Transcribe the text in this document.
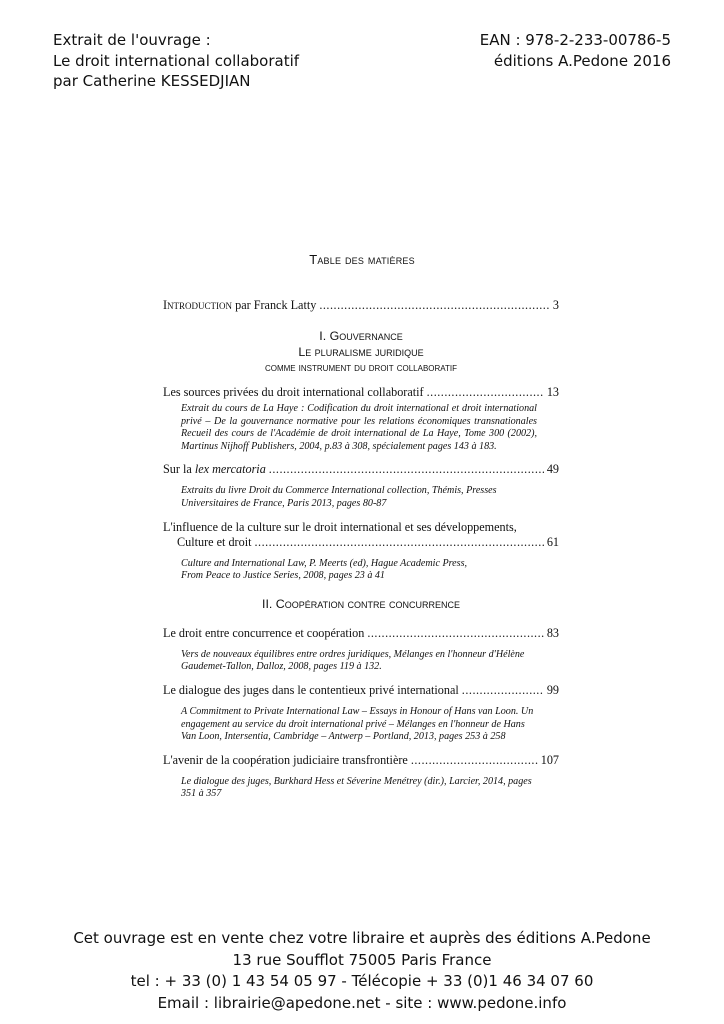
Extrait de l'ouvrage :
Le droit international collaboratif
par Catherine KESSEDJIAN
EAN : 978-2-233-00786-5
éditions A.Pedone 2016
Table des matières
Introduction par Franck Latty .....	3
I. Gouvernance
Le pluralisme juridique
comme instrument du droit collaboratif
Les sources privées du droit international collaboratif .....	13
Extrait du cours de La Haye : Codification du droit international et droit international privé – De la gouvernance normative pour les relations économiques transnationales Recueil des cours de l'Académie de droit international de La Haye, Tome 300 (2002), Martinus Nijhoff Publishers, 2004, p.83 à 308, spécialement pages 143 à 183.
Sur la lex mercatoria .....	49
Extraits du livre Droit du Commerce International collection, Thémis, Presses Universitaires de France, Paris 2013, pages 80-87
L'influence de la culture sur le droit international et ses développements,
Culture et droit .....	61
Culture and International Law, P. Meerts (ed), Hague Academic Press,
From Peace to Justice Series, 2008, pages 23 à 41
II. Coopération contre concurrence
Le droit entre concurrence et coopération .....	83
Vers de nouveaux équilibres entre ordres juridiques, Mélanges en l'honneur d'Hélène Gaudemet-Tallon, Dalloz, 2008, pages 119 à 132.
Le dialogue des juges dans le contentieux privé international .....	99
A Commitment to Private International Law – Essays in Honour of Hans van Loon. Un engagement au service du droit international privé – Mélanges en l'honneur de Hans Van Loon, Intersentia, Cambridge – Antwerp – Portland, 2013, pages 253 à 258
L'avenir de la coopération judiciaire transfrontière .....	107
Le dialogue des juges, Burkhard Hess et Séverine Menétrey (dir.), Larcier, 2014, pages 351 à 357
Cet ouvrage est en vente chez votre libraire et auprès des éditions A.Pedone
13 rue Soufflot 75005 Paris France
tel : + 33 (0) 1 43 54 05 97 - Télécopie + 33 (0)1 46 34 07 60
Email : librairie@apedone.net - site : www.pedone.info
